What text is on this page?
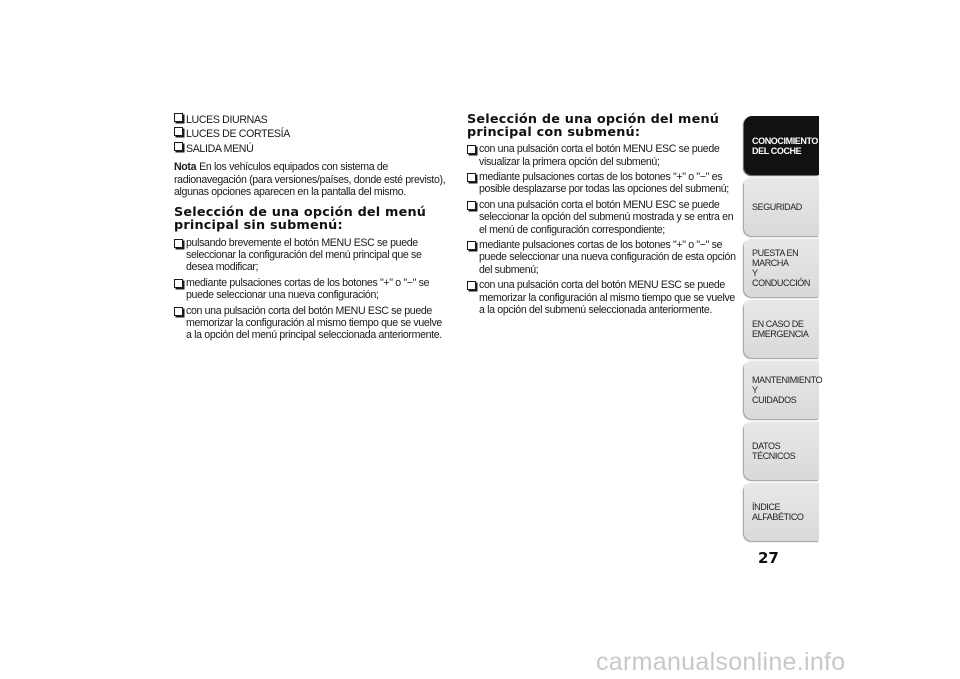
LUCES DIURNAS
LUCES DE CORTESÍA
SALIDA MENÚ
Nota En los vehículos equipados con sistema de radionavegación (para versiones/países, donde esté previsto), algunas opciones aparecen en la pantalla del mismo.
Selección de una opción del menú
principal sin submenú:
pulsando brevemente el botón MENU ESC se puede seleccionar la configuración del menú principal que se desea modificar;
mediante pulsaciones cortas de los botones "+" o "−" se puede seleccionar una nueva configuración;
con una pulsación corta del botón MENU ESC se puede memorizar la configuración al mismo tiempo que se vuelve a la opción del menú principal seleccionada anteriormente.
Selección de una opción del menú
principal con submenú:
con una pulsación corta el botón MENU ESC se puede visualizar la primera opción del submenú;
mediante pulsaciones cortas de los botones "+" o "−" es posible desplazarse por todas las opciones del submenú;
con una pulsación corta el botón MENU ESC se puede seleccionar la opción del submenú mostrada y se entra en el menú de configuración correspondiente;
mediante pulsaciones cortas de los botones "+" o "−" se puede seleccionar una nueva configuración de esta opción del submenú;
con una pulsación corta del botón MENU ESC se puede memorizar la configuración al mismo tiempo que se vuelve a la opción del submenú seleccionada anteriormente.
CONOCIMIENTO
DEL COCHE
SEGURIDAD
PUESTA EN MARCHA
Y CONDUCCIÓN
EN CASO DE
EMERGENCIA
MANTENIMIENTO Y
CUIDADOS
DATOS TÉCNICOS
ÍNDICE ALFABÉTICO
27
carmanualsonline.info
